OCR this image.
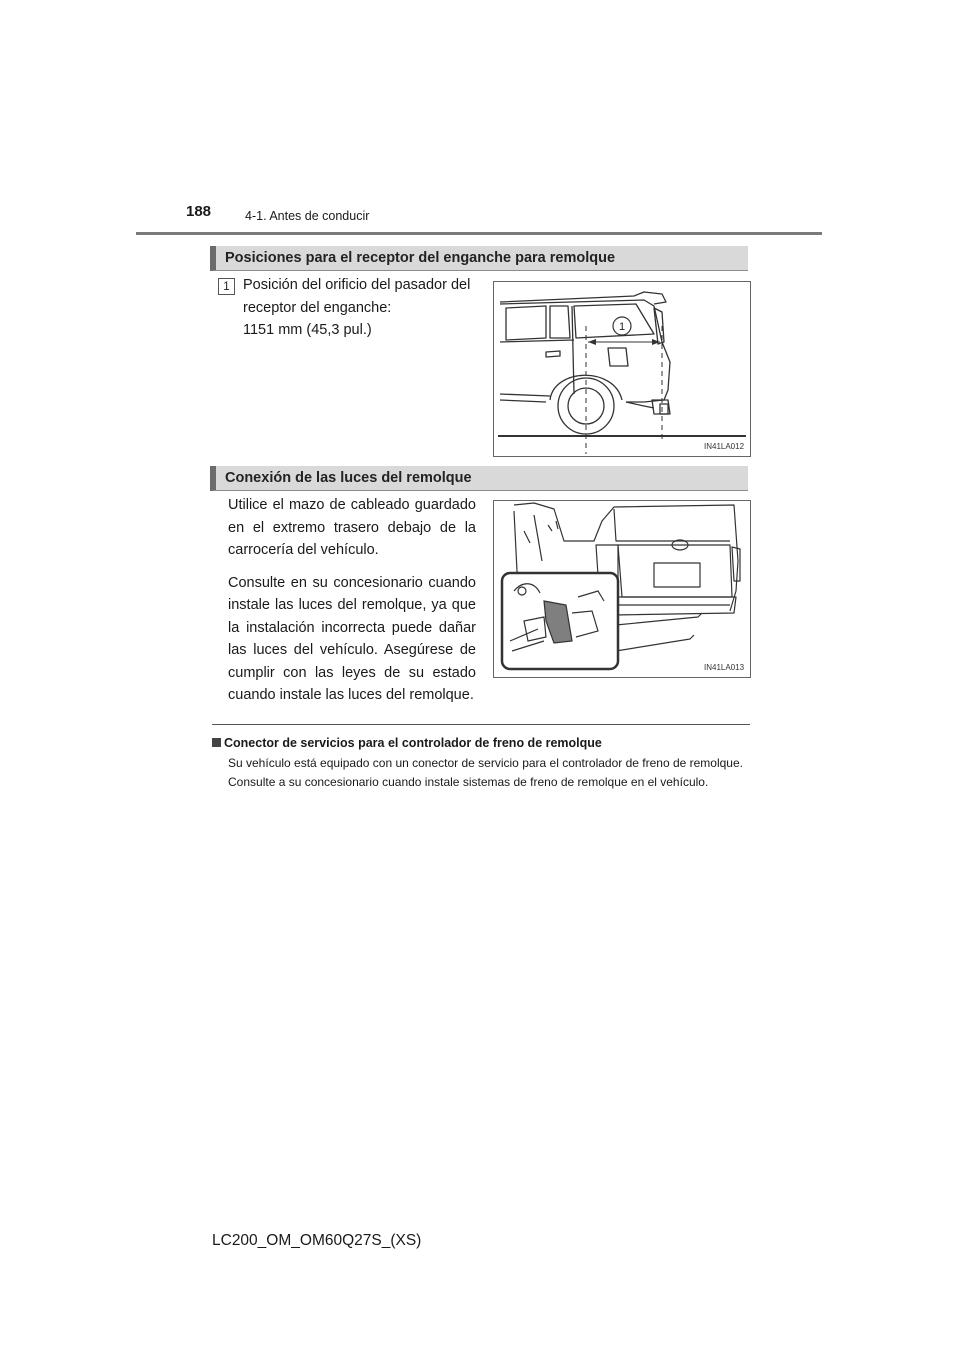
188	4-1. Antes de conducir
Posiciones para el receptor del enganche para remolque
1 Posición del orificio del pasador del
receptor del enganche:
1151 mm (45,3 pul.)	1
IN41LA012
Conexión de las luces del remolque

Utilice el mazo de cableado guardado en el extremo trasero debajo de la carrocería del vehículo.

Consulte en su concesionario cuando instale las luces del remolque, ya que la instalación incorrecta puede dañar las luces del vehículo. Asegúrese de cumplir con las leyes de su estado cuando instale las luces del remolque.

IN41LA013
Conector de servicios para el controlador de freno de remolque
Su vehículo está equipado con un conector de servicio para el controlador de freno de remolque. Consulte a su concesionario cuando instale sistemas de freno de remolque en el vehículo.
LC200_OM_OM60Q27S_(XS)
